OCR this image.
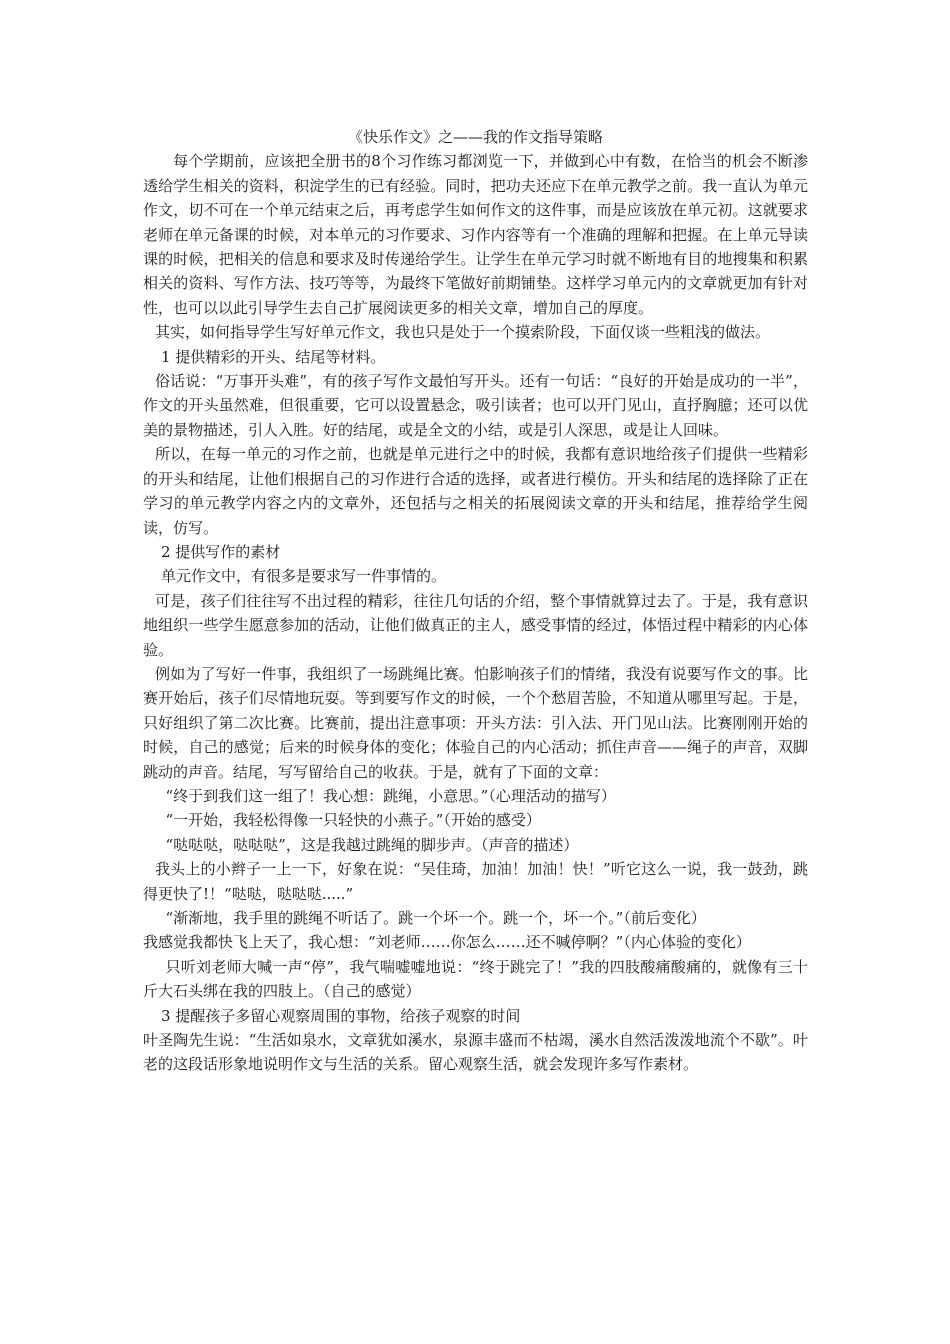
《快乐作文》之——我的作文指导策略

每个学期前，应该把全册书的8个习作练习都浏览一下，并做到心中有数，在恰当的机会不断渗透给学生相关的资料，积淀学生的已有经验。同时，把功夫还应下在单元教学之前。我一直认为单元作文，切不可在一个单元结束之后，再考虑学生如何作文的这件事，而是应该放在单元初。这就要求老师在单元备课的时候，对本单元的习作要求、习作内容等有一个准确的理解和把握。在上单元导读课的时候，把相关的信息和要求及时传递给学生。让学生在单元学习时就不断地有目的地搜集和积累相关的资料、写作方法、技巧等等，为最终下笔做好前期铺垫。这样学习单元内的文章就更加有针对性，也可以以此引导学生去自己扩展阅读更多的相关文章，增加自己的厚度。

其实，如何指导学生写好单元作文，我也只是处于一个摸索阶段，下面仅谈一些粗浅的做法。

1 提供精彩的开头、结尾等材料。

俗话说：“万事开头难”，有的孩子写作文最怕写开头。还有一句话：“良好的开始是成功的一半”，作文的开头虽然难，但很重要，它可以设置悬念，吸引读者；也可以开门见山，直抒胸臆；还可以优美的景物描述，引人入胜。好的结尾，或是全文的小结，或是引人深思，或是让人回味。

所以，在每一单元的习作之前，也就是单元进行之中的时候，我都有意识地给孩子们提供一些精彩的开头和结尾，让他们根据自己的习作进行合适的选择，或者进行模仿。开头和结尾的选择除了正在学习的单元教学内容之内的文章外，还包括与之相关的拓展阅读文章的开头和结尾，推荐给学生阅读，仿写。

2 提供写作的素材

单元作文中，有很多是要求写一件事情的。

可是，孩子们往往写不出过程的精彩，往往几句话的介绍，整个事情就算过去了。于是，我有意识地组织一些学生愿意参加的活动，让他们做真正的主人，感受事情的经过，体悟过程中精彩的内心体验。

例如为了写好一件事，我组织了一场跳绳比赛。怕影响孩子们的情绪，我没有说要写作文的事。比赛开始后，孩子们尽情地玩耍。等到要写作文的时候，一个个愁眉苦脸，不知道从哪里写起。于是，只好组织了第二次比赛。比赛前，提出注意事项：开头方法：引入法、开门见山法。比赛刚刚开始的时候，自己的感觉；后来的时候身体的变化；体验自己的内心活动；抓住声音——绳子的声音，双脚跳动的声音。结尾，写写留给自己的收获。于是，就有了下面的文章：

“终于到我们这一组了！我心想：跳绳，小意思。”（心理活动的描写）

“一开始，我轻松得像一只轻快的小燕子。”（开始的感受）

“哒哒哒，哒哒哒”，这是我越过跳绳的脚步声。（声音的描述）

我头上的小辫子一上一下，好象在说：“吴佳琦，加油！加油！快！”听它这么一说，我一鼓劲，跳得更快了!！“哒哒，哒哒哒.....”

“渐渐地，我手里的跳绳不听话了。跳一个坏一个。跳一个，坏一个。”（前后变化）

我感觉我都快飞上天了，我心想：“刘老师……你怎么……还不喊停啊？”（内心体验的变化）

只听刘老师大喊一声“停”，我气喘嘘嘘地说：“终于跳完了！”我的四肢酸痛酸痛的，就像有三十斤大石头绑在我的四肢上。（自己的感觉）

3 提醒孩子多留心观察周围的事物，给孩子观察的时间

叶圣陶先生说：“生活如泉水，文章犹如溪水，泉源丰盛而不枯竭，溪水自然活泼泼地流个不歇”。叶老的这段话形象地说明作文与生活的关系。留心观察生活，就会发现许多写作素材。
